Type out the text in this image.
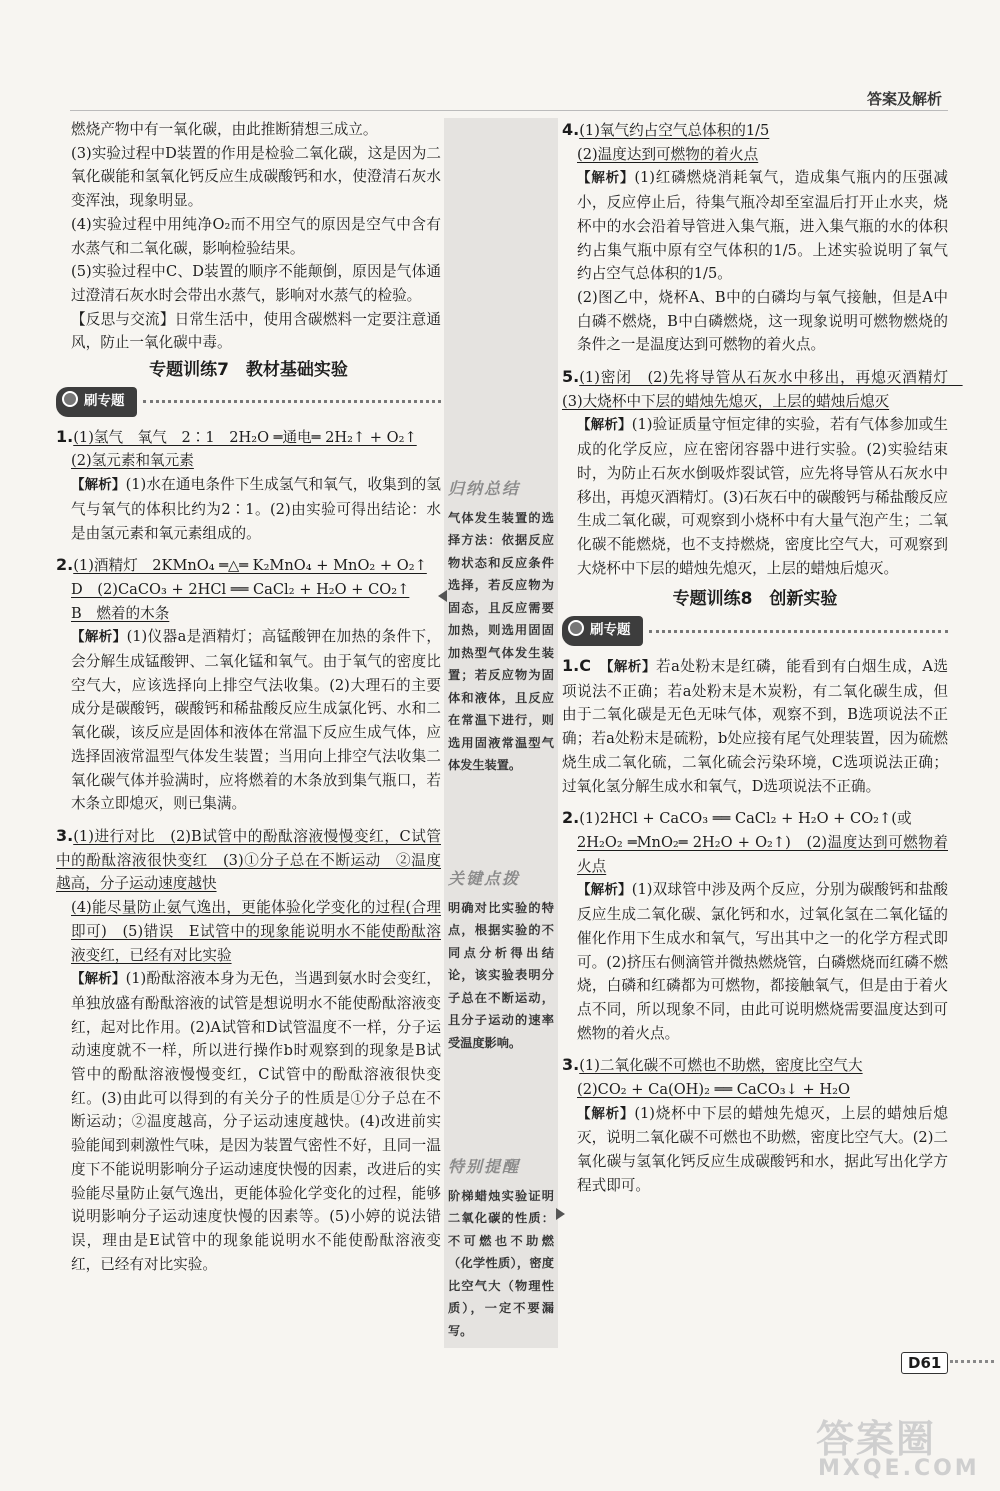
答案及解析

燃烧产物中有一氧化碳，由此推断猜想三成立。

(3)实验过程中D装置的作用是检验二氧化碳，这是因为二氧化碳能和氢氧化钙反应生成碳酸钙和水，使澄清石灰水变浑浊，现象明显。

(4)实验过程中用纯净O₂而不用空气的原因是空气中含有水蒸气和二氧化碳，影响检验结果。

(5)实验过程中C、D装置的顺序不能颠倒，原因是气体通过澄清石灰水时会带出水蒸气，影响对水蒸气的检验。

【反思与交流】日常生活中，使用含碳燃料一定要注意通风，防止一氧化碳中毒。

专题训练7　教材基础实验
刷专题

1.(1)氢气　氧气　2∶1　2H₂O ═通电═ 2H₂↑ + O₂↑

(2)氢元素和氧元素

【解析】(1)水在通电条件下生成氢气和氧气，收集到的氢气与氧气的体积比约为2∶1。(2)由实验可得出结论：水是由氢元素和氧元素组成的。

2.(1)酒精灯　2KMnO₄ ═△═ K₂MnO₄ + MnO₂ + O₂↑

D　(2)CaCO₃ + 2HCl ══ CaCl₂ + H₂O + CO₂↑

B　燃着的木条

【解析】(1)仪器a是酒精灯；高锰酸钾在加热的条件下，会分解生成锰酸钾、二氧化锰和氧气。由于氧气的密度比空气大，应该选择向上排空气法收集。(2)大理石的主要成分是碳酸钙，碳酸钙和稀盐酸反应生成氯化钙、水和二氧化碳，该反应是固体和液体在常温下反应生成气体，应选择固液常温型气体发生装置；当用向上排空气法收集二氧化碳气体并验满时，应将燃着的木条放到集气瓶口，若木条立即熄灭，则已集满。

3.(1)进行对比　(2)B试管中的酚酞溶液慢慢变红，C试管中的酚酞溶液很快变红　(3)①分子总在不断运动　②温度越高，分子运动速度越快

(4)能尽量防止氨气逸出，更能体验化学变化的过程(合理即可)　(5)错误　E试管中的现象能说明水不能使酚酞溶液变红，已经有对比实验

【解析】(1)酚酞溶液本身为无色，当遇到氨水时会变红，单独放盛有酚酞溶液的试管是想说明水不能使酚酞溶液变红，起对比作用。(2)A试管和D试管温度不一样，分子运动速度就不一样，所以进行操作b时观察到的现象是B试管中的酚酞溶液慢慢变红，C试管中的酚酞溶液很快变红。(3)由此可以得到的有关分子的性质是①分子总在不断运动；②温度越高，分子运动速度越快。(4)改进前实验能闻到刺激性气味，是因为装置气密性不好，且同一温度下不能说明影响分子运动速度快慢的因素，改进后的实验能尽量防止氨气逸出，更能体验化学变化的过程，能够说明影响分子运动速度快慢的因素等。(5)小婷的说法错误，理由是E试管中的现象能说明水不能使酚酞溶液变红，已经有对比实验。

归纳总结
气体发生装置的选择方法：依据反应物状态和反应条件选择，若反应物为固态，且反应需要加热，则选用固固加热型气体发生装置；若反应物为固体和液体，且反应在常温下进行，则选用固液常温型气体发生装置。
关键点拨
明确对比实验的特点，根据实验的不同点分析得出结论，该实验表明分子总在不断运动，且分子运动的速率受温度影响。
特别提醒
阶梯蜡烛实验证明二氧化碳的性质：不可燃也不助燃（化学性质），密度比空气大（物理性质），一定不要漏写。

4.(1)氧气约占空气总体积的1/5

(2)温度达到可燃物的着火点

【解析】(1)红磷燃烧消耗氧气，造成集气瓶内的压强减小，反应停止后，待集气瓶冷却至室温后打开止水夹，烧杯中的水会沿着导管进入集气瓶，进入集气瓶的水的体积约占集气瓶中原有空气体积的1/5。上述实验说明了氧气约占空气总体积的1/5。

(2)图乙中，烧杯A、B中的白磷均与氧气接触，但是A中白磷不燃烧，B中白磷燃烧，这一现象说明可燃物燃烧的条件之一是温度达到可燃物的着火点。

5.(1)密闭　(2)先将导管从石灰水中移出，再熄灭酒精灯　(3)大烧杯中下层的蜡烛先熄灭，上层的蜡烛后熄灭

【解析】(1)验证质量守恒定律的实验，若有气体参加或生成的化学反应，应在密闭容器中进行实验。(2)实验结束时，为防止石灰水倒吸炸裂试管，应先将导管从石灰水中移出，再熄灭酒精灯。(3)石灰石中的碳酸钙与稀盐酸反应生成二氧化碳，可观察到小烧杯中有大量气泡产生；二氧化碳不能燃烧，也不支持燃烧，密度比空气大，可观察到大烧杯中下层的蜡烛先熄灭，上层的蜡烛后熄灭。

专题训练8　创新实验
刷专题

1.C　 【解析】若a处粉末是红磷，能看到有白烟生成，A选项说法不正确；若a处粉末是木炭粉，有二氧化碳生成，但由于二氧化碳是无色无味气体，观察不到，B选项说法不正确；若a处粉末是硫粉，b处应接有尾气处理装置，因为硫燃烧生成二氧化硫，二氧化硫会污染环境，C选项说法正确；过氧化氢分解生成水和氧气，D选项说法不正确。

2.(1)2HCl + CaCO₃ ══ CaCl₂ + H₂O + CO₂↑(或

2H₂O₂ ═MnO₂═ 2H₂O + O₂↑)　(2)温度达到可燃物着火点

【解析】(1)双球管中涉及两个反应，分别为碳酸钙和盐酸反应生成二氧化碳、氯化钙和水，过氧化氢在二氧化锰的催化作用下生成水和氧气，写出其中之一的化学方程式即可。(2)挤压右侧滴管并微热燃烧管，白磷燃烧而红磷不燃烧，白磷和红磷都为可燃物，都接触氧气，但是由于着火点不同，所以现象不同，由此可说明燃烧需要温度达到可燃物的着火点。

3.(1)二氧化碳不可燃也不助燃，密度比空气大

(2)CO₂ + Ca(OH)₂ ══ CaCO₃↓ + H₂O

【解析】(1)烧杯中下层的蜡烛先熄灭，上层的蜡烛后熄灭，说明二氧化碳不可燃也不助燃，密度比空气大。(2)二氧化碳与氢氧化钙反应生成碳酸钙和水，据此写出化学方程式即可。

D61
答案圈
MXQE.COM
